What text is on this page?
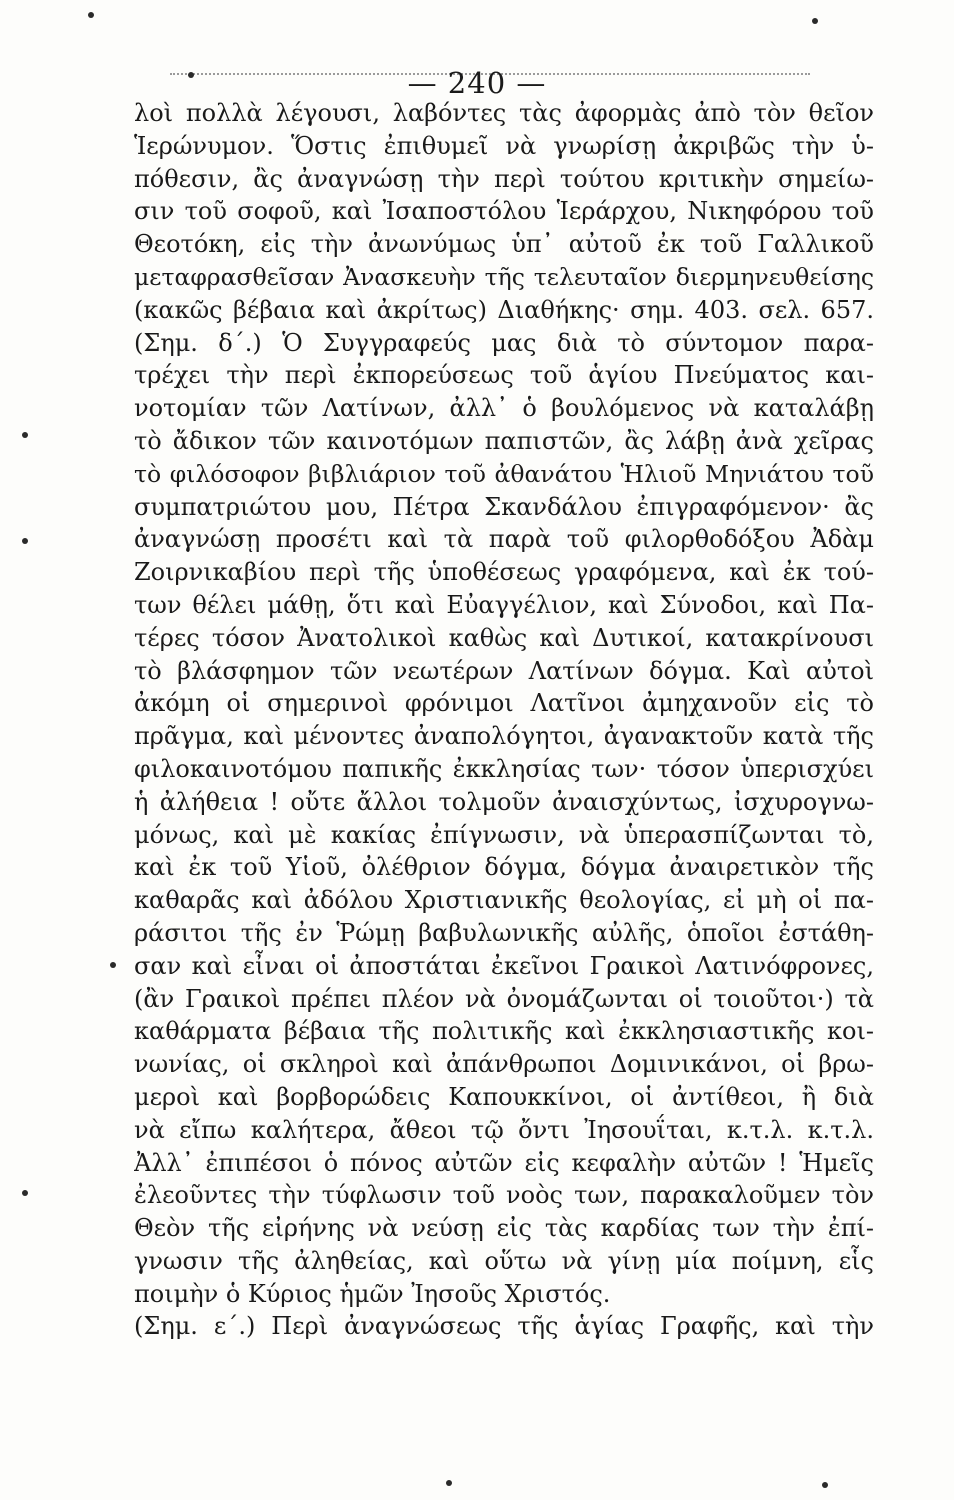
— 240 —
λοὶ πολλὰ λέγουσι, λαβόντες τὰς ἀφορμὰς ἀπὸ τὸν θεῖον
Ἱερώνυμον. Ὅστις ἐπιθυμεῖ νὰ γνωρίσῃ ἀκριβῶς τὴν ὑ-
πόθεσιν, ἂς ἀναγνώσῃ τὴν περὶ τούτου κριτικὴν σημείω-
σιν τοῦ σοφοῦ, καὶ Ἰσαποστόλου Ἱεράρχου, Νικηφόρου τοῦ
Θεοτόκη, εἰς τὴν ἀνωνύμως ὑπ᾽ αὐτοῦ ἐκ τοῦ Γαλλικοῦ
μεταφρασθεῖσαν Ἀνασκευὴν τῆς τελευταῖον διερμηνευθείσης
(κακῶς βέβαια καὶ ἀκρίτως) Διαθήκης· σημ. 403. σελ. 657.
(Σημ. δ΄.) Ὁ Συγγραφεύς μας διὰ τὸ σύντομον παρα-
τρέχει τὴν περὶ ἐκπορεύσεως τοῦ ἁγίου Πνεύματος και-
νοτομίαν τῶν Λατίνων, ἀλλ᾽ ὁ βουλόμενος νὰ καταλάβῃ
τὸ ἄδικον τῶν καινοτόμων παπιστῶν, ἂς λάβῃ ἀνὰ χεῖρας
τὸ φιλόσοφον βιβλιάριον τοῦ ἀθανάτου Ἡλιοῦ Μηνιάτου τοῦ
συμπατριώτου μου, Πέτρα Σκανδάλου ἐπιγραφόμενον· ἂς
ἀναγνώσῃ προσέτι καὶ τὰ παρὰ τοῦ φιλορθοδόξου Ἀδὰμ
Ζοιρνικαβίου περὶ τῆς ὑποθέσεως γραφόμενα, καὶ ἐκ τού-
των θέλει μάθῃ, ὅτι καὶ Εὐαγγέλιον, καὶ Σύνοδοι, καὶ Πα-
τέρες τόσον Ἀνατολικοὶ καθὼς καὶ Δυτικοί, κατακρίνουσι
τὸ βλάσφημον τῶν νεωτέρων Λατίνων δόγμα. Καὶ αὐτοὶ
ἀκόμη οἱ σημερινοὶ φρόνιμοι Λατῖνοι ἀμηχανοῦν εἰς τὸ
πρᾶγμα, καὶ μένοντες ἀναπολόγητοι, ἀγανακτοῦν κατὰ τῆς
φιλοκαινοτόμου παπικῆς ἐκκλησίας των· τόσον ὑπερισχύει
ἡ ἀλήθεια ! οὔτε ἄλλοι τολμοῦν ἀναισχύντως, ἰσχυρογνω-
μόνως, καὶ μὲ κακίας ἐπίγνωσιν, νὰ ὑπερασπίζωνται τὸ,
καὶ ἐκ τοῦ Υἱοῦ, ὀλέθριον δόγμα, δόγμα ἀναιρετικὸν τῆς
καθαρᾶς καὶ ἀδόλου Χριστιανικῆς θεολογίας, εἰ μὴ οἱ πα-
ράσιτοι τῆς ἐν Ῥώμῃ βαβυλωνικῆς αὐλῆς, ὁποῖοι ἐστάθη-
σαν καὶ εἶναι οἱ ἀποστάται ἐκεῖνοι Γραικοὶ Λατινόφρονες,
(ἂν Γραικοὶ πρέπει πλέον νὰ ὀνομάζωνται οἱ τοιοῦτοι·) τὰ
καθάρματα βέβαια τῆς πολιτικῆς καὶ ἐκκλησιαστικῆς κοι-
νωνίας, οἱ σκληροὶ καὶ ἀπάνθρωποι Δομινικάνοι, οἱ βρω-
μεροὶ καὶ βορβορώδεις Καπουκκίνοι, οἱ ἀντίθεοι, ἢ διὰ
νὰ εἴπω καλήτερα, ἄθεοι τῷ ὄντι Ἰησουΐται, κ.τ.λ. κ.τ.λ.
Ἀλλ᾽ ἐπιπέσοι ὁ πόνος αὐτῶν εἰς κεφαλὴν αὐτῶν ! Ἡμεῖς
ἐλεοῦντες τὴν τύφλωσιν τοῦ νοὸς των, παρακαλοῦμεν τὸν
Θεὸν τῆς εἰρήνης νὰ νεύσῃ εἰς τὰς καρδίας των τὴν ἐπί-
γνωσιν τῆς ἀληθείας, καὶ οὕτω νὰ γίνῃ μία ποίμνη, εἷς
ποιμὴν ὁ Κύριος ἡμῶν Ἰησοῦς Χριστός.
(Σημ. ε΄.) Περὶ ἀναγνώσεως τῆς ἁγίας Γραφῆς, καὶ τὴν
